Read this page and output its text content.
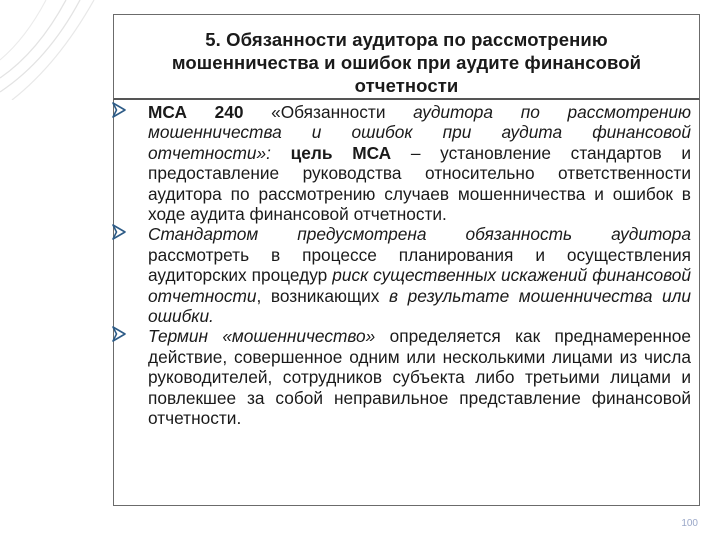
5. Обязанности аудитора по рассмотрению
мошенничества и ошибок при аудите финансовой
отчетности
МСА 240 «Обязанности аудитора по рассмотрению мошенничества и ошибок при аудита финансовой отчетности»: цель МСА – установление стандартов и предоставление руководства относительно ответственности аудитора по рассмотрению случаев мошенничества и ошибок в ходе аудита финансовой отчетности.
Стандартом предусмотрена обязанность аудитора рассмотреть в процессе планирования и осуществления аудиторских процедур риск существенных искажений финансовой отчетности, возникающих в результате мошенничества или ошибки.
Термин «мошенничество» определяется как преднамеренное действие, совершенное одним или несколькими лицами из числа руководителей, сотрудников субъекта либо третьими лицами и повлекшее за собой неправильное представление финансовой отчетности.
100
